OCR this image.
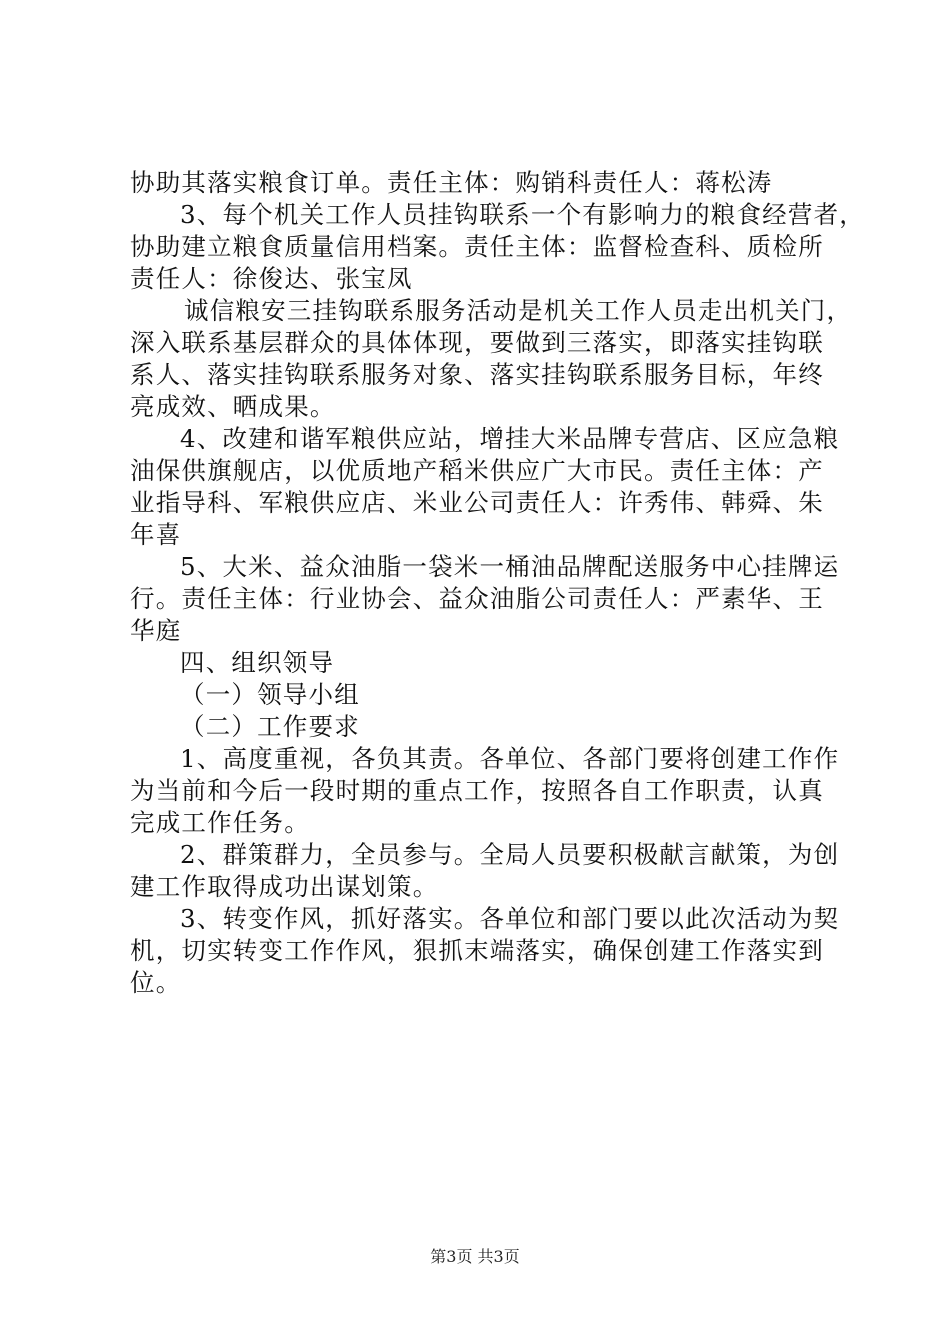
协助其落实粮食订单。责任主体：购销科责任人：蒋松涛
3、每个机关工作人员挂钩联系一个有影响力的粮食经营者，
协助建立粮食质量信用档案。责任主体：监督检查科、质检所
责任人：徐俊达、张宝凤
诚信粮安三挂钩联系服务活动是机关工作人员走出机关门，
深入联系基层群众的具体体现，要做到三落实，即落实挂钩联
系人、落实挂钩联系服务对象、落实挂钩联系服务目标，年终
亮成效、晒成果。
4、改建和谐军粮供应站，增挂大米品牌专营店、区应急粮
油保供旗舰店，以优质地产稻米供应广大市民。责任主体：产
业指导科、军粮供应店、米业公司责任人：许秀伟、韩舜、朱
年喜
5、大米、益众油脂一袋米一桶油品牌配送服务中心挂牌运
行。责任主体：行业协会、益众油脂公司责任人：严素华、王
华庭
四、组织领导
（一）领导小组
（二）工作要求
1、高度重视，各负其责。各单位、各部门要将创建工作作
为当前和今后一段时期的重点工作，按照各自工作职责，认真
完成工作任务。
2、群策群力，全员参与。全局人员要积极献言献策，为创
建工作取得成功出谋划策。
3、转变作风，抓好落实。各单位和部门要以此次活动为契
机，切实转变工作作风，狠抓末端落实，确保创建工作落实到
位。
第3页 共3页
